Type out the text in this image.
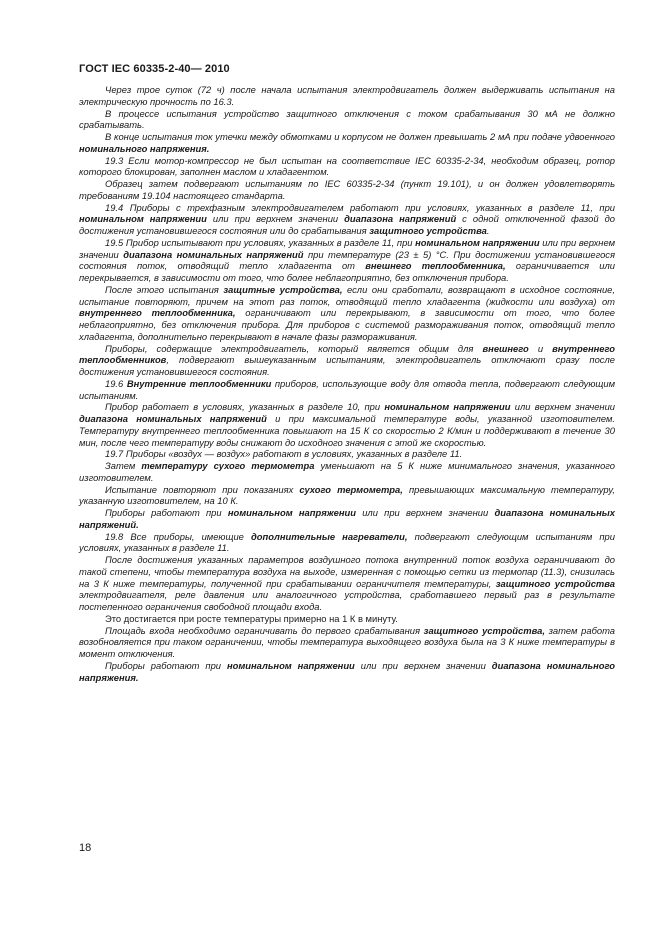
ГОСТ IEC 60335-2-40— 2010

Через трое суток (72 ч) после начала испытания электродвигатель должен выдерживать испытания на электрическую прочность по 16.3.

В процессе испытания устройство защитного отключения с током срабатывания 30 мА не должно срабатывать.

В конце испытания ток утечки между обмотками и корпусом не должен превышать 2 мА при подаче удвоенного номинального напряжения.

19.3 Если мотор-компрессор не был испытан на соответствие IEC 60335-2-34, необходим образец, ротор которого блокирован, заполнен маслом и хладагентом.

Образец затем подвергают испытаниям по IEC 60335-2-34 (пункт 19.101), и он должен удовлетворять требованиям 19.104 настоящего стандарта.

19.4 Приборы с трехфазным электродвигателем работают при условиях, указанных в разделе 11, при номинальном напряжении или при верхнем значении диапазона напряжений с одной отключенной фазой до достижения установившегося состояния или до срабатывания защитного устройства.

19.5 Прибор испытывают при условиях, указанных в разделе 11, при номинальном напряжении или при верхнем значении диапазона номинальных напряжений при температуре (23 ± 5) °С. При достижении установившегося состояния поток, отводящий тепло хладагента от внешнего теплообменника, ограничивается или перекрывается, в зависимости от того, что более неблагоприятно, без отключения прибора.

После этого испытания защитные устройства, если они сработали, возвращают в исходное состояние, испытание повторяют, причем на этот раз поток, отводящий тепло хладагента (жидкости или воздуха) от внутреннего теплообменника, ограничивают или перекрывают, в зависимости от того, что более неблагоприятно, без отключения прибора. Для приборов с системой размораживания поток, отводящий тепло хладагента, дополнительно перекрывают в начале фазы размораживания.

Приборы, содержащие электродвигатель, который является общим для внешнего и внутреннего теплообменников, подвергают вышеуказанным испытаниям, электродвигатель отключают сразу после достижения установившегося состояния.

19.6 Внутренние теплообменники приборов, использующие воду для отвода тепла, подвергают следующим испытаниям.

Прибор работает в условиях, указанных в разделе 10, при номинальном напряжении или верхнем значении диапазона номинальных напряжений и при максимальной температуре воды, указанной изготовителем. Температуру внутреннего теплообменника повышают на 15 К со скоростью 2 К/мин и поддерживают в течение 30 мин, после чего температуру воды снижают до исходного значения с этой же скоростью.

19.7 Приборы «воздух — воздух» работают в условиях, указанных в разделе 11.

Затем температуру сухого термометра уменьшают на 5 К ниже минимального значения, указанного изготовителем.

Испытание повторяют при показаниях сухого термометра, превышающих максимальную температуру, указанную изготовителем, на 10 К.

Приборы работают при номинальном напряжении или при верхнем значении диапазона номинальных напряжений.

19.8 Все приборы, имеющие дополнительные нагреватели, подвергают следующим испытаниям при условиях, указанных в разделе 11.

После достижения указанных параметров воздушного потока внутренний поток воздуха ограничивают до такой степени, чтобы температура воздуха на выходе, измеренная с помощью сетки из термопар (11.3), снизилась на 3 К ниже температуры, полученной при срабатывании ограничителя температуры, защитного устройства электродвигателя, реле давления или аналогичного устройства, сработавшего первый раз в результате постепенного ограничения свободной площади входа.

Это достигается при росте температуры примерно на 1 К в минуту.

Площадь входа необходимо ограничивать до первого срабатывания защитного устройства, затем работа возобновляется при таком ограничении, чтобы температура выходящего воздуха была на 3 К ниже температуры в момент отключения.

Приборы работают при номинальном напряжении или при верхнем значении диапазона номинального напряжения.

18
